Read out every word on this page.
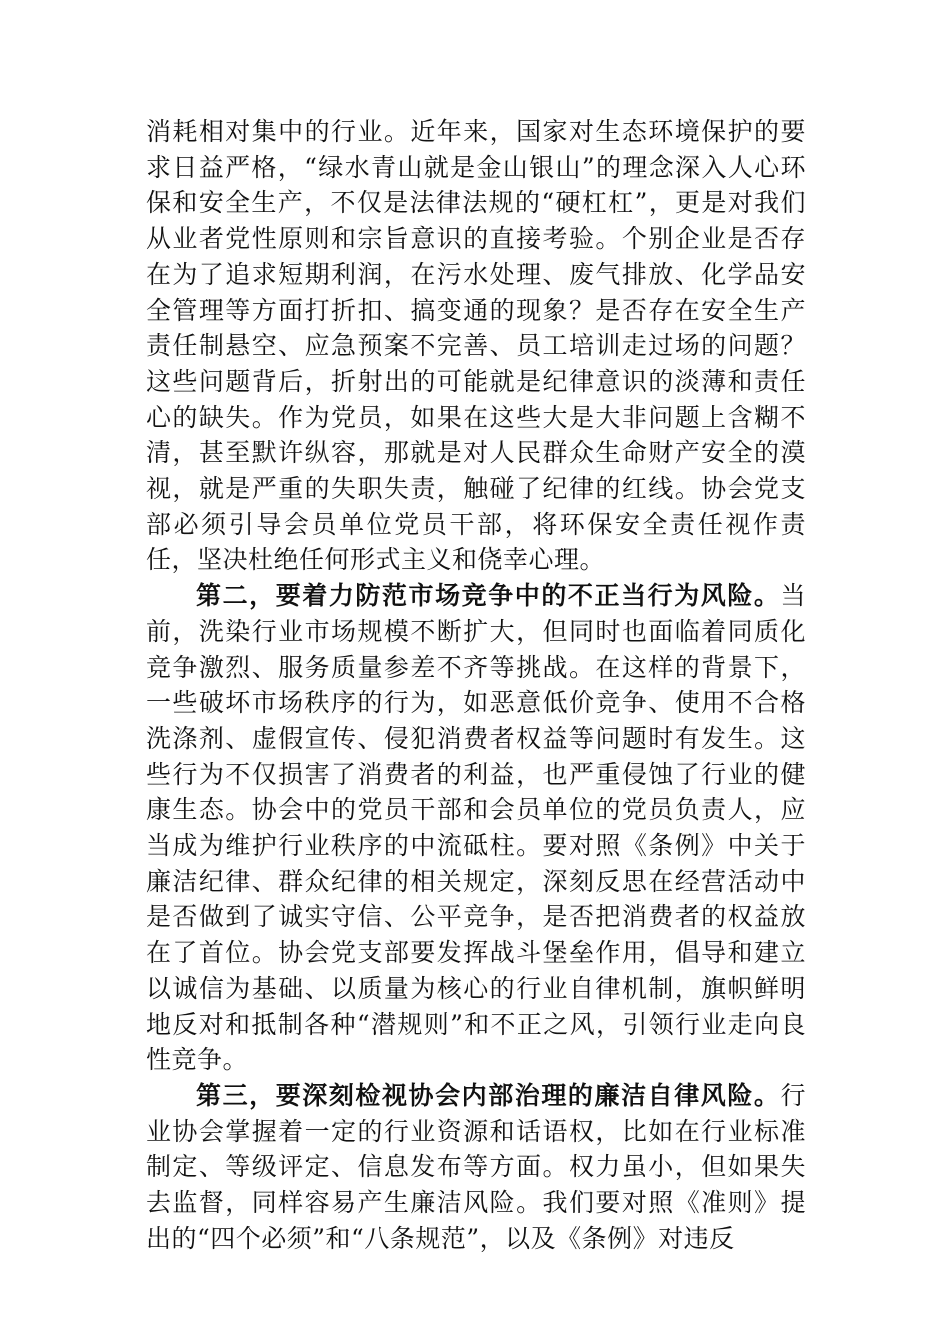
消耗相对集中的行业。近年来，国家对生态环境保护的要求日益严格，“绿水青山就是金山银山”的理念深入人心环保和安全生产，不仅是法律法规的“硬杠杠”，更是对我们从业者党性原则和宗旨意识的直接考验。个别企业是否存在为了追求短期利润，在污水处理、废气排放、化学品安全管理等方面打折扣、搞变通的现象？是否存在安全生产责任制悬空、应急预案不完善、员工培训走过场的问题？这些问题背后，折射出的可能就是纪律意识的淡薄和责任心的缺失。作为党员，如果在这些大是大非问题上含糊不清，甚至默许纵容，那就是对人民群众生命财产安全的漠视，就是严重的失职失责，触碰了纪律的红线。协会党支部必须引导会员单位党员干部，将环保安全责任视作责任，坚决杜绝任何形式主义和侥幸心理。

第二，要着力防范市场竞争中的不正当行为风险。当前，洗染行业市场规模不断扩大，但同时也面临着同质化竞争激烈、服务质量参差不齐等挑战。在这样的背景下，一些破坏市场秩序的行为，如恶意低价竞争、使用不合格洗涤剂、虚假宣传、侵犯消费者权益等问题时有发生。这些行为不仅损害了消费者的利益，也严重侵蚀了行业的健康生态。协会中的党员干部和会员单位的党员负责人，应当成为维护行业秩序的中流砥柱。要对照《条例》中关于廉洁纪律、群众纪律的相关规定，深刻反思在经营活动中是否做到了诚实守信、公平竞争，是否把消费者的权益放在了首位。协会党支部要发挥战斗堡垒作用，倡导和建立以诚信为基础、以质量为核心的行业自律机制，旗帜鲜明地反对和抵制各种“潜规则”和不正之风，引领行业走向良性竞争。

第三，要深刻检视协会内部治理的廉洁自律风险。行业协会掌握着一定的行业资源和话语权，比如在行业标准制定、等级评定、信息发布等方面。权力虽小，但如果失去监督，同样容易产生廉洁风险。我们要对照《准则》提出的“四个必须”和“八条规范”，以及《条例》对违反
